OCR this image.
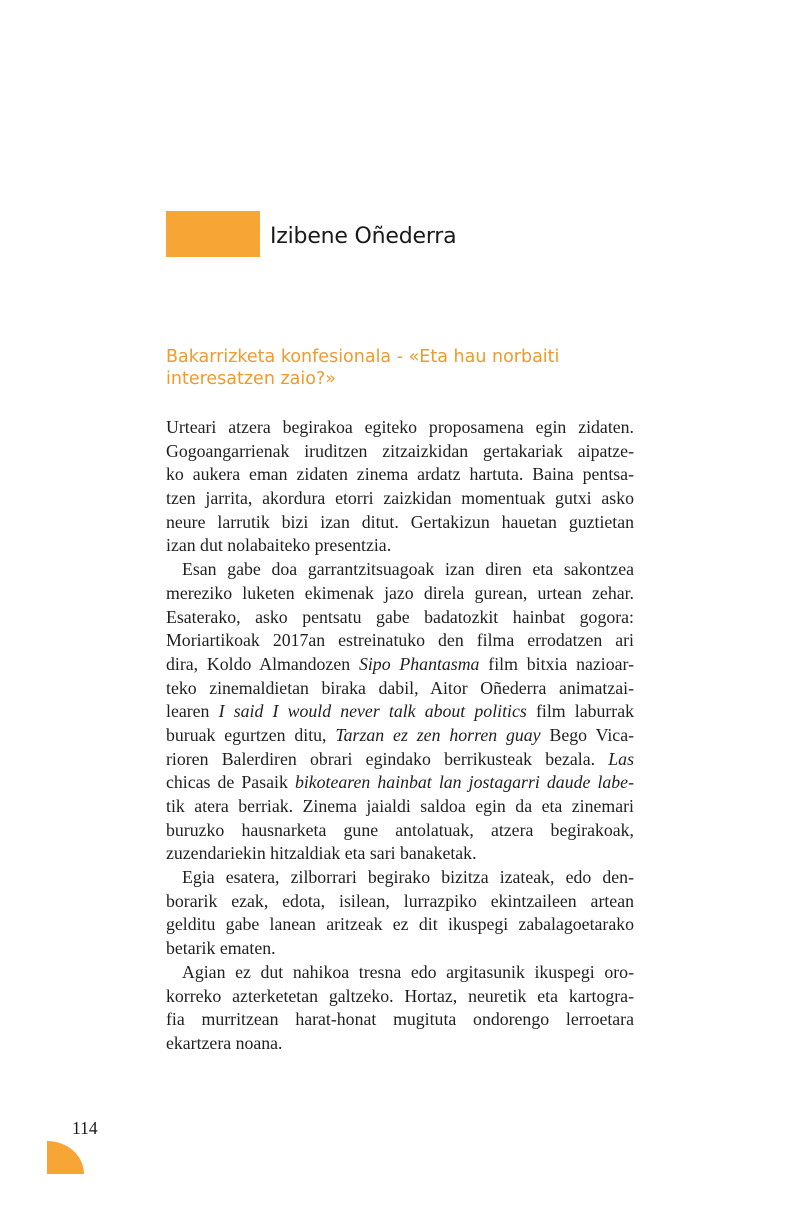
Izibene Oñederra
Bakarrizketa konfesionala - «Eta hau norbaiti
interesatzen zaio?»
Urteari atzera begirakoa egiteko proposamena egin zidaten.
Gogoangarrienak iruditzen zitzaizkidan gertakariak aipatze-
ko aukera eman zidaten zinema ardatz hartuta. Baina pentsa-
tzen jarrita, akordura etorri zaizkidan momentuak gutxi asko
neure larrutik bizi izan ditut. Gertakizun hauetan guztietan
izan dut nolabaiteko presentzia.
Esan gabe doa garrantzitsuagoak izan diren eta sakontzea
mereziko luketen ekimenak jazo direla gurean, urtean zehar.
Esaterako, asko pentsatu gabe badatozkit hainbat gogora:
Moriartikoak 2017an estreinatuko den filma errodatzen ari
dira, Koldo Almandozen Sipo Phantasma film bitxia nazioar-
teko zinemaldietan biraka dabil, Aitor Oñederra animatzai-
learen I said I would never talk about politics film laburrak
buruak egurtzen ditu, Tarzan ez zen horren guay Bego Vica-
rioren Balerdiren obrari egindako berrikusteak bezala. Las
chicas de Pasaik bikotearen hainbat lan jostagarri daude labe-
tik atera berriak. Zinema jaialdi saldoa egin da eta zinemari
buruzko hausnarketa gune antolatuak, atzera begirakoak,
zuzendariekin hitzaldiak eta sari banaketak.
Egia esatera, zilborrari begirako bizitza izateak, edo den-
borarik ezak, edota, isilean, lurrazpiko ekintzaileen artean
gelditu gabe lanean aritzeak ez dit ikuspegi zabalagoetarako
betarik ematen.
Agian ez dut nahikoa tresna edo argitasunik ikuspegi oro-
korreko azterketetan galtzeko. Hortaz, neuretik eta kartogra-
fia murritzean harat-honat mugituta ondorengo lerroetara
ekartzera noana.
114
